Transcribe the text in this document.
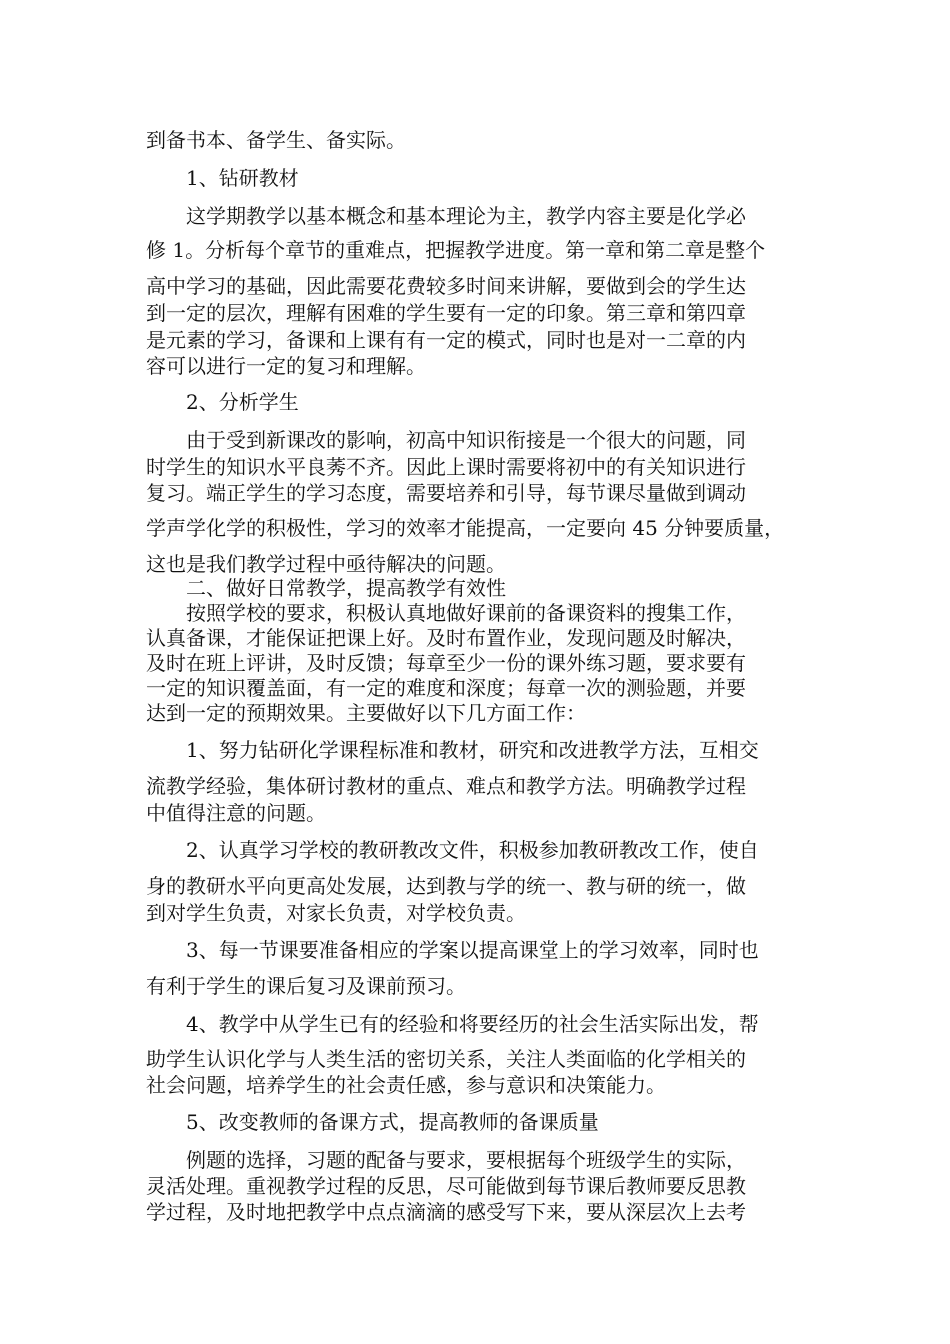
到备书本、备学生、备实际。
1、钻研教材
这学期教学以基本概念和基本理论为主，教学内容主要是化学必
修 1。分析每个章节的重难点，把握教学进度。第一章和第二章是整个
高中学习的基础，因此需要花费较多时间来讲解，要做到会的学生达
到一定的层次，理解有困难的学生要有一定的印象。第三章和第四章
是元素的学习，备课和上课有有一定的模式，同时也是对一二章的内
容可以进行一定的复习和理解。
2、分析学生
由于受到新课改的影响，初高中知识衔接是一个很大的问题，同
时学生的知识水平良莠不齐。因此上课时需要将初中的有关知识进行
复习。端正学生的学习态度，需要培养和引导，每节课尽量做到调动
学声学化学的积极性，学习的效率才能提高，一定要向 45 分钟要质量，
这也是我们教学过程中亟待解决的问题。
二、做好日常教学，提高教学有效性
按照学校的要求，积极认真地做好课前的备课资料的搜集工作，
认真备课，才能保证把课上好。及时布置作业，发现问题及时解决，
及时在班上评讲，及时反馈；每章至少一份的课外练习题，要求要有
一定的知识覆盖面，有一定的难度和深度；每章一次的测验题，并要
达到一定的预期效果。主要做好以下几方面工作：
1、努力钻研化学课程标准和教材，研究和改进教学方法，互相交
流教学经验，集体研讨教材的重点、难点和教学方法。明确教学过程
中值得注意的问题。
2、认真学习学校的教研教改文件，积极参加教研教改工作，使自
身的教研水平向更高处发展，达到教与学的统一、教与研的统一，做
到对学生负责，对家长负责，对学校负责。
3、每一节课要准备相应的学案以提高课堂上的学习效率，同时也
有利于学生的课后复习及课前预习。
4、教学中从学生已有的经验和将要经历的社会生活实际出发，帮
助学生认识化学与人类生活的密切关系，关注人类面临的化学相关的
社会问题，培养学生的社会责任感，参与意识和决策能力。
5、改变教师的备课方式，提高教师的备课质量
例题的选择，习题的配备与要求，要根据每个班级学生的实际，
灵活处理。重视教学过程的反思，尽可能做到每节课后教师要反思教
学过程，及时地把教学中点点滴滴的感受写下来，要从深层次上去考
